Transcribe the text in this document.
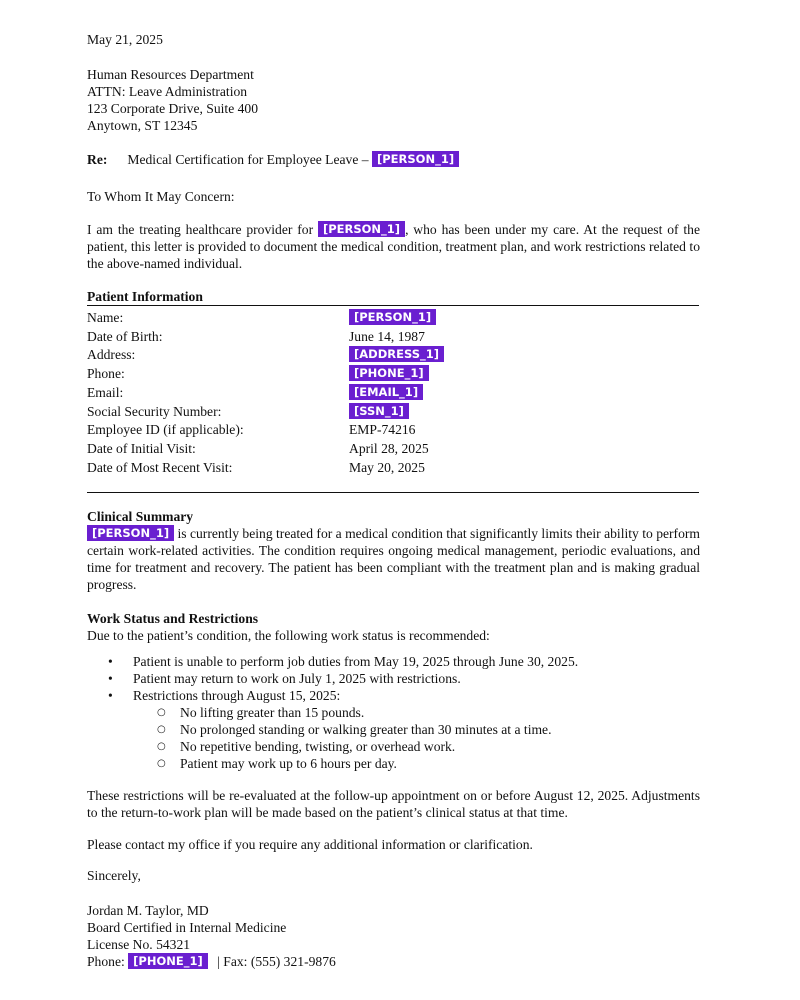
May 21, 2025
Human Resources Department
ATTN: Leave Administration
123 Corporate Drive, Suite 400
Anytown, ST 12345
Re: Medical Certification for Employee Leave – [PERSON_1]
To Whom It May Concern:
I am the treating healthcare provider for [PERSON_1] , who has been under my care. At the request of the patient, this letter is provided to document the medical condition, treatment plan, and work restrictions related to the above-named individual.
Patient Information
Name:	[PERSON_1]
Date of Birth:	June 14, 1987
Address:	[ADDRESS_1]
Phone:	[PHONE_1]
Email:	[EMAIL_1]
Social Security Number:	[SSN_1]
Employee ID (if applicable):	EMP-74216
Date of Initial Visit:	April 28, 2025
Date of Most Recent Visit:	May 20, 2025
Clinical Summary
[PERSON_1] is currently being treated for a medical condition that significantly limits their ability to perform certain work-related activities. The condition requires ongoing medical management, periodic evaluations, and time for treatment and recovery. The patient has been compliant with the treatment plan and is making gradual progress.
Work Status and Restrictions
Due to the patient’s condition, the following work status is recommended:
• Patient is unable to perform job duties from May 19, 2025 through June 30, 2025.
• Patient may return to work on July 1, 2025 with restrictions.
• Restrictions through August 15, 2025:
○ No lifting greater than 15 pounds.
○ No prolonged standing or walking greater than 30 minutes at a time.
○ No repetitive bending, twisting, or overhead work.
○ Patient may work up to 6 hours per day.
These restrictions will be re-evaluated at the follow-up appointment on or before August 12, 2025. Adjustments to the return-to-work plan will be made based on the patient’s clinical status at that time.
Please contact my office if you require any additional information or clarification.
Sincerely,
Jordan M. Taylor, MD
Board Certified in Internal Medicine
License No. 54321
Phone: [PHONE_1] | Fax: (555) 321-9876
